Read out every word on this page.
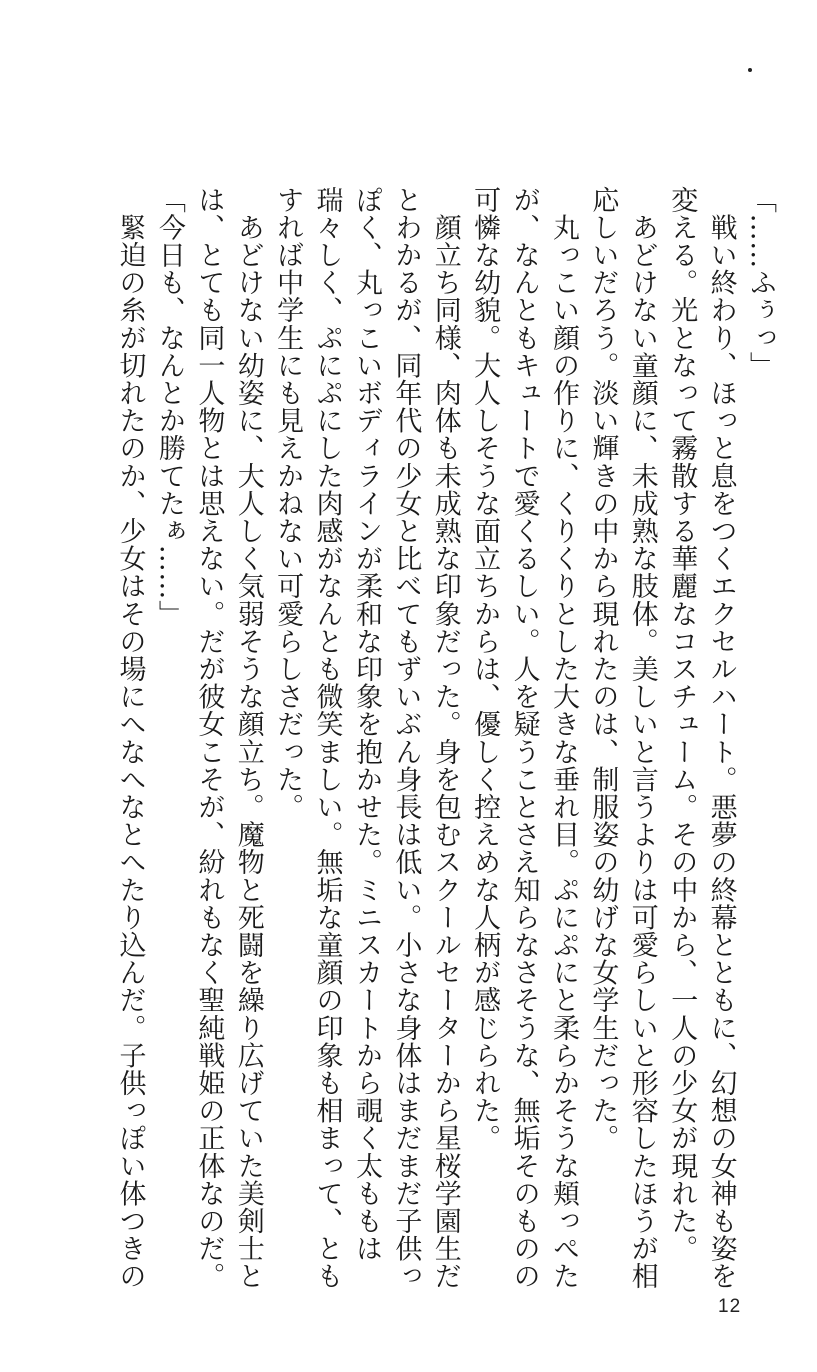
「……ふぅっ」

　戦い終わり、ほっと息をつくエクセルハート。悪夢の終幕とともに、幻想の女神も姿を

変える。光となって霧散する華麗なコスチューム。その中から、一人の少女が現れた。

　あどけない童顔に、未成熟な肢体。美しいと言うよりは可愛らしいと形容したほうが相

応しいだろう。淡い輝きの中から現れたのは、制服姿の幼げな女学生だった。

　丸っこい顔の作りに、くりくりとした大きな垂れ目。ぷにぷにと柔らかそうな頬っぺた

が、なんともキュートで愛くるしい。人を疑うことさえ知らなさそうな、無垢そのものの

可憐な幼貌。大人しそうな面立ちからは、優しく控えめな人柄が感じられた。

　顔立ち同様、肉体も未成熟な印象だった。身を包むスクールセーターから星桜学園生だ

とわかるが、同年代の少女と比べてもずいぶん身長は低い。小さな身体はまだまだ子供っ

ぽく、丸っこいボディラインが柔和な印象を抱かせた。ミニスカートから覗く太ももは

瑞々しく、ぷにぷにした肉感がなんとも微笑ましい。無垢な童顔の印象も相まって、とも

すれば中学生にも見えかねない可愛らしさだった。

　あどけない幼姿に、大人しく気弱そうな顔立ち。魔物と死闘を繰り広げていた美剣士と

は、とても同一人物とは思えない。だが彼女こそが、紛れもなく聖純戦姫の正体なのだ。

「今日も、なんとか勝てたぁ……」

　緊迫の糸が切れたのか、少女はその場にへなへなとへたり込んだ。子供っぽい体つきの

12
